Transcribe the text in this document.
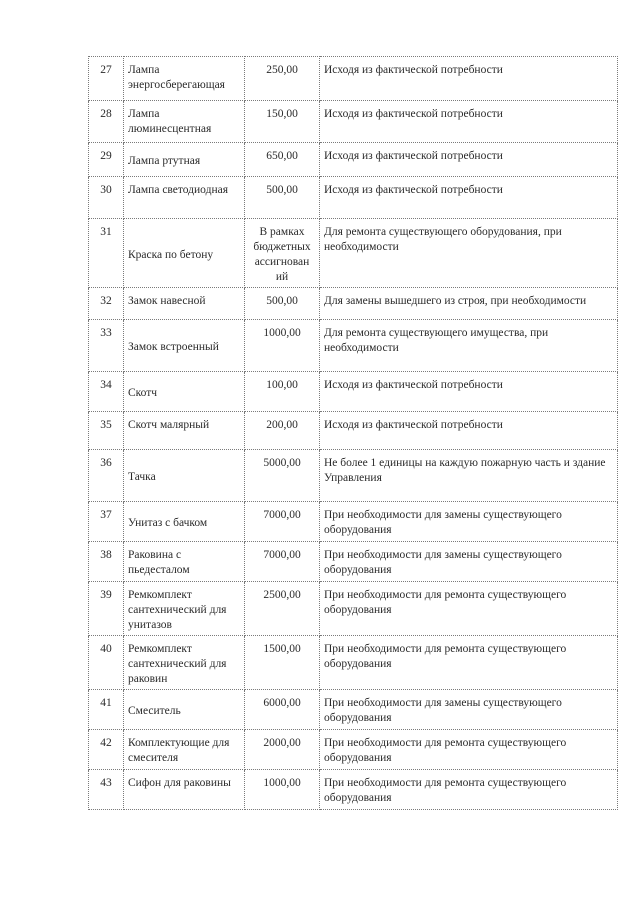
27	Лампа энергосберегающая	250,00	Исходя из фактической потребности
28	Лампа люминесцентная	150,00	Исходя из фактической потребности
29	Лампа ртутная	650,00	Исходя из фактической потребности
30	Лампа светодиодная	500,00	Исходя из фактической потребности
31	Краска по бетону	В рамках бюджетных ассигнован ий	Для ремонта существующего оборудования, при необходимости
32	Замок навесной	500,00	Для замены вышедшего из строя, при необходимости
33	Замок встроенный	1000,00	Для ремонта существующего имущества, при необходимости
34	Скотч	100,00	Исходя из фактической потребности
35	Скотч малярный	200,00	Исходя из фактической потребности
36	Тачка	5000,00	Не более 1 единицы на каждую пожарную часть и здание Управления
37	Унитаз с бачком	7000,00	При необходимости для замены существующего оборудования
38	Раковина с пьедесталом	7000,00	При необходимости для замены существующего оборудования
39	Ремкомплект сантехнический для унитазов	2500,00	При необходимости для ремонта существующего оборудования
40	Ремкомплект сантехнический для раковин	1500,00	При необходимости для ремонта существующего оборудования
41	Смеситель	6000,00	При необходимости для замены существующего оборудования
42	Комплектующие для смесителя	2000,00	При необходимости для ремонта существующего оборудования
43	Сифон для раковины	1000,00	При необходимости для ремонта существующего оборудования
